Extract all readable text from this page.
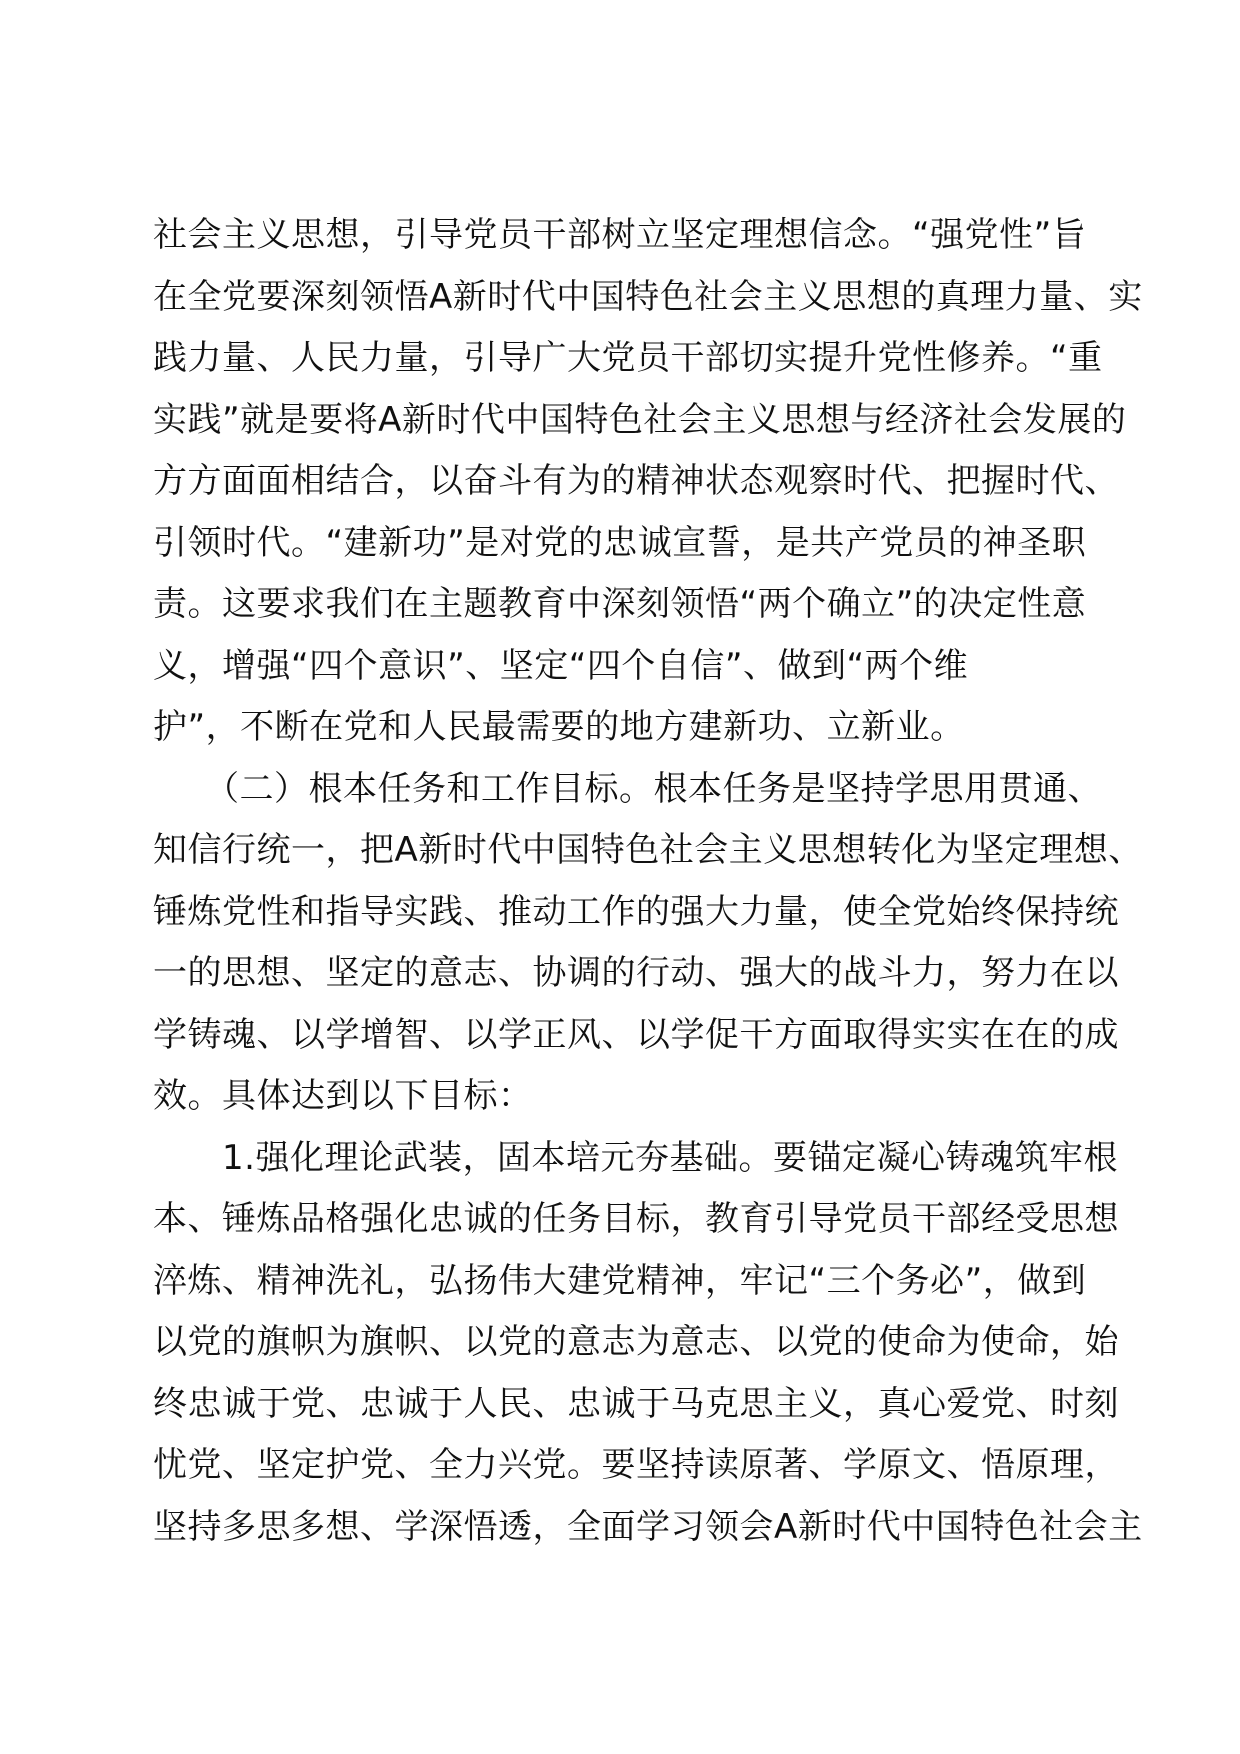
社会主义思想，引导党员干部树立坚定理想信念。“强党性”旨
在全党要深刻领悟A新时代中国特色社会主义思想的真理力量、实
践力量、人民力量，引导广大党员干部切实提升党性修养。“重
实践”就是要将A新时代中国特色社会主义思想与经济社会发展的
方方面面相结合，以奋斗有为的精神状态观察时代、把握时代、
引领时代。“建新功”是对党的忠诚宣誓，是共产党员的神圣职
责。这要求我们在主题教育中深刻领悟“两个确立”的决定性意
义，增强“四个意识”、坚定“四个自信”、做到“两个维
护”，不断在党和人民最需要的地方建新功、立新业。
　　（二）根本任务和工作目标。根本任务是坚持学思用贯通、
知信行统一，把A新时代中国特色社会主义思想转化为坚定理想、
锤炼党性和指导实践、推动工作的强大力量，使全党始终保持统
一的思想、坚定的意志、协调的行动、强大的战斗力，努力在以
学铸魂、以学增智、以学正风、以学促干方面取得实实在在的成
效。具体达到以下目标：
　　1.强化理论武装，固本培元夯基础。要锚定凝心铸魂筑牢根
本、锤炼品格强化忠诚的任务目标，教育引导党员干部经受思想
淬炼、精神洗礼，弘扬伟大建党精神，牢记“三个务必”，做到
以党的旗帜为旗帜、以党的意志为意志、以党的使命为使命，始
终忠诚于党、忠诚于人民、忠诚于马克思主义，真心爱党、时刻
忧党、坚定护党、全力兴党。要坚持读原著、学原文、悟原理，
坚持多思多想、学深悟透，全面学习领会A新时代中国特色社会主
